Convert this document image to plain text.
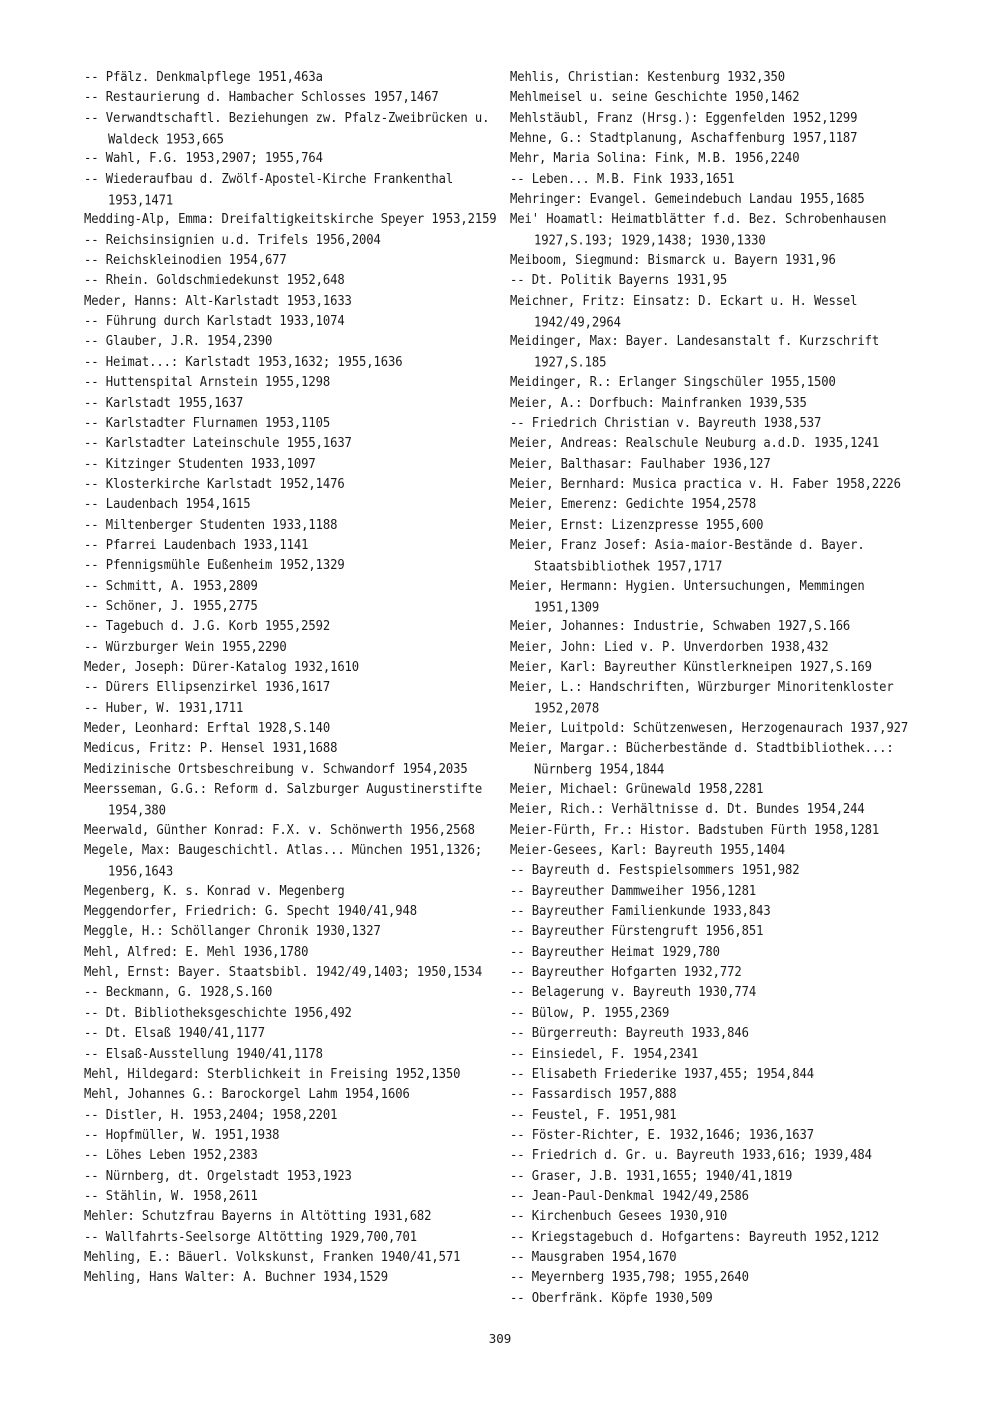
-- Pfälz. Denkmalpflege 1951,463a
-- Restaurierung d. Hambacher Schlosses 1957,1467
-- Verwandtschaftl. Beziehungen zw. Pfalz-Zweibrücken u. Waldeck 1953,665
-- Wahl, F.G. 1953,2907; 1955,764
-- Wiederaufbau d. Zwölf-Apostel-Kirche Frankenthal 1953,1471
Medding-Alp, Emma: Dreifaltigkeitskirche Speyer 1953,2159
-- Reichsinsignien u.d. Trifels 1956,2004
-- Reichskleinodien 1954,677
-- Rhein. Goldschmiedekunst 1952,648
Meder, Hanns: Alt-Karlstadt 1953,1633
-- Führung durch Karlstadt 1933,1074
-- Glauber, J.R. 1954,2390
-- Heimat...: Karlstadt 1953,1632; 1955,1636
-- Huttenspital Arnstein 1955,1298
-- Karlstadt 1955,1637
-- Karlstadter Flurnamen 1953,1105
-- Karlstadter Lateinschule 1955,1637
-- Kitzinger Studenten 1933,1097
-- Klosterkirche Karlstadt 1952,1476
-- Laudenbach 1954,1615
-- Miltenberger Studenten 1933,1188
-- Pfarrei Laudenbach 1933,1141
-- Pfennigsmühle Eußenheim 1952,1329
-- Schmitt, A. 1953,2809
-- Schöner, J. 1955,2775
-- Tagebuch d. J.G. Korb 1955,2592
-- Würzburger Wein 1955,2290
Meder, Joseph: Dürer-Katalog 1932,1610
-- Dürers Ellipsenzirkel 1936,1617
-- Huber, W. 1931,1711
Meder, Leonhard: Erftal 1928,S.140
Medicus, Fritz: P. Hensel 1931,1688
Medizinische Ortsbeschreibung v. Schwandorf 1954,2035
Meersseman, G.G.: Reform d. Salzburger Augustinerstifte 1954,380
Meerwald, Günther Konrad: F.X. v. Schönwerth 1956,2568
Megele, Max: Baugeschichtl. Atlas... München 1951,1326; 1956,1643
Megenberg, K. s. Konrad v. Megenberg
Meggendorfer, Friedrich: G. Specht 1940/41,948
Meggle, H.: Schöllanger Chronik 1930,1327
Mehl, Alfred: E. Mehl 1936,1780
Mehl, Ernst: Bayer. Staatsbibl. 1942/49,1403; 1950,1534
-- Beckmann, G. 1928,S.160
-- Dt. Bibliotheksgeschichte 1956,492
-- Dt. Elsaß 1940/41,1177
-- Elsaß-Ausstellung 1940/41,1178
Mehl, Hildegard: Sterblichkeit in Freising 1952,1350
Mehl, Johannes G.: Barockorgel Lahm 1954,1606
-- Distler, H. 1953,2404; 1958,2201
-- Hopfmüller, W. 1951,1938
-- Löhes Leben 1952,2383
-- Nürnberg, dt. Orgelstadt 1953,1923
-- Stählin, W. 1958,2611
Mehler: Schutzfrau Bayerns in Altötting 1931,682
-- Wallfahrts-Seelsorge Altötting 1929,700,701
Mehling, E.: Bäuerl. Volkskunst, Franken 1940/41,571
Mehling, Hans Walter: A. Buchner 1934,1529
Mehlis, Christian: Kestenburg 1932,350
Mehlmeisel u. seine Geschichte 1950,1462
Mehlstäubl, Franz (Hrsg.): Eggenfelden 1952,1299
Mehne, G.: Stadtplanung, Aschaffenburg 1957,1187
Mehr, Maria Solina: Fink, M.B. 1956,2240
-- Leben... M.B. Fink 1933,1651
Mehringer: Evangel. Gemeindebuch Landau 1955,1685
Mei' Hoamatl: Heimatblätter f.d. Bez. Schrobenhausen 1927,S.193; 1929,1438; 1930,1330
Meiboom, Siegmund: Bismarck u. Bayern 1931,96
-- Dt. Politik Bayerns 1931,95
Meichner, Fritz: Einsatz: D. Eckart u. H. Wessel 1942/49,2964
Meidinger, Max: Bayer. Landesanstalt f. Kurzschrift 1927,S.185
Meidinger, R.: Erlanger Singschüler 1955,1500
Meier, A.: Dorfbuch: Mainfranken 1939,535
-- Friedrich Christian v. Bayreuth 1938,537
Meier, Andreas: Realschule Neuburg a.d.D. 1935,1241
Meier, Balthasar: Faulhaber 1936,127
Meier, Bernhard: Musica practica v. H. Faber 1958,2226
Meier, Emerenz: Gedichte 1954,2578
Meier, Ernst: Lizenzpresse 1955,600
Meier, Franz Josef: Asia-maior-Bestände d. Bayer. Staatsbibliothek 1957,1717
Meier, Hermann: Hygien. Untersuchungen, Memmingen 1951,1309
Meier, Johannes: Industrie, Schwaben 1927,S.166
Meier, John: Lied v. P. Unverdorben 1938,432
Meier, Karl: Bayreuther Künstlerkneipen 1927,S.169
Meier, L.: Handschriften, Würzburger Minoritenkloster 1952,2078
Meier, Luitpold: Schützenwesen, Herzogenaurach 1937,927
Meier, Margar.: Bücherbestände d. Stadtbibliothek...: Nürnberg 1954,1844
Meier, Michael: Grünewald 1958,2281
Meier, Rich.: Verhältnisse d. Dt. Bundes 1954,244
Meier-Fürth, Fr.: Histor. Badstuben Fürth 1958,1281
Meier-Gesees, Karl: Bayreuth 1955,1404
-- Bayreuth d. Festspielsommers 1951,982
-- Bayreuther Dammweiher 1956,1281
-- Bayreuther Familienkunde 1933,843
-- Bayreuther Fürstengruft 1956,851
-- Bayreuther Heimat 1929,780
-- Bayreuther Hofgarten 1932,772
-- Belagerung v. Bayreuth 1930,774
-- Bülow, P. 1955,2369
-- Bürgerreuth: Bayreuth 1933,846
-- Einsiedel, F. 1954,2341
-- Elisabeth Friederike 1937,455; 1954,844
-- Fassardisch 1957,888
-- Feustel, F. 1951,981
-- Föster-Richter, E. 1932,1646; 1936,1637
-- Friedrich d. Gr. u. Bayreuth 1933,616; 1939,484
-- Graser, J.B. 1931,1655; 1940/41,1819
-- Jean-Paul-Denkmal 1942/49,2586
-- Kirchenbuch Gesees 1930,910
-- Kriegstagebuch d. Hofgartens: Bayreuth 1952,1212
-- Mausgraben 1954,1670
-- Meyernberg 1935,798; 1955,2640
-- Oberfränk. Köpfe 1930,509
309
